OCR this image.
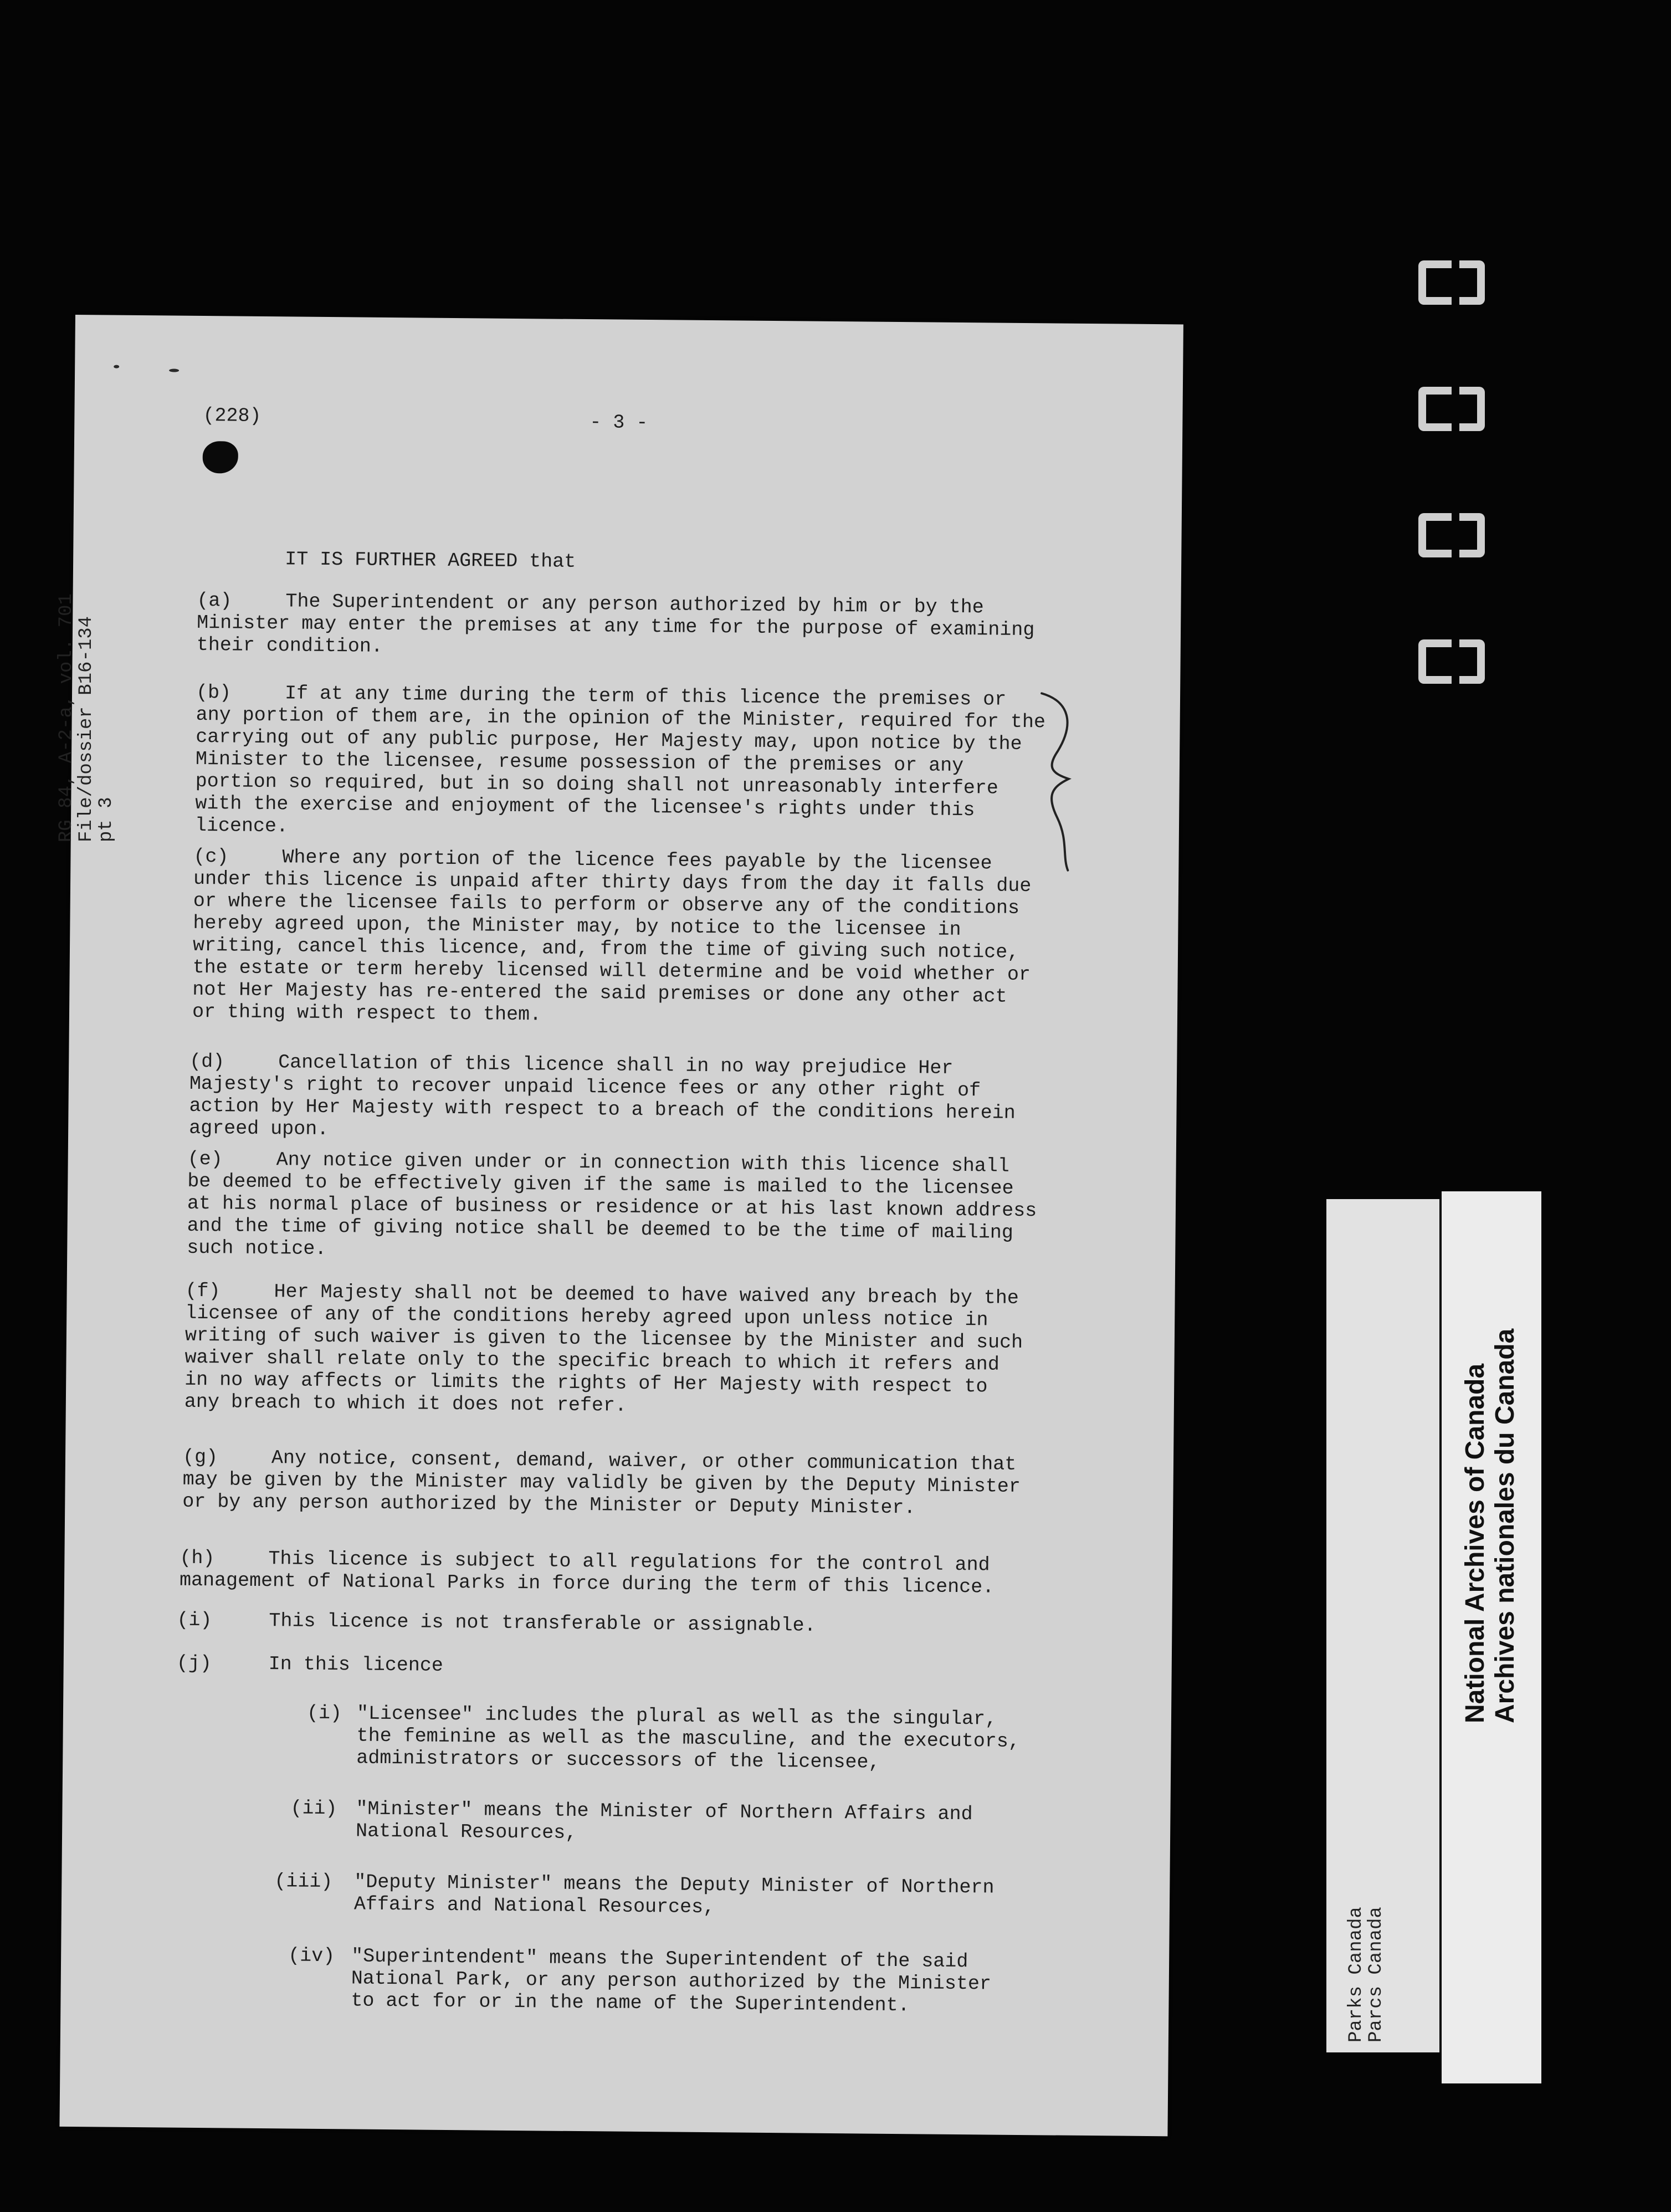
(228)	- 3 -
IT IS FURTHER AGREED that
(a)	The Superintendent or any person authorized by him or by the Minister may enter the premises at any time for the purpose of examining their condition.
(b)	If at any time during the term of this licence the premises or any portion of them are, in the opinion of the Minister, required for the carrying out of any public purpose, Her Majesty may, upon notice by the Minister to the licensee, resume possession of the premises or any portion so required, but in so doing shall not unreasonably interfere with the exercise and enjoyment of the licensee's rights under this licence.
(c)	Where any portion of the licence fees payable by the licensee under this licence is unpaid after thirty days from the day it falls due or where the licensee fails to perform or observe any of the conditions hereby agreed upon, the Minister may, by notice to the licensee in writing, cancel this licence, and, from the time of giving such notice, the estate or term hereby licensed will determine and be void whether or not Her Majesty has re-entered the said premises or done any other act or thing with respect to them.
(d)	Cancellation of this licence shall in no way prejudice Her Majesty's right to recover unpaid licence fees or any other right of action by Her Majesty with respect to a breach of the conditions herein agreed upon.
(e)	Any notice given under or in connection with this licence shall be deemed to be effectively given if the same is mailed to the licensee at his normal place of business or residence or at his last known address and the time of giving notice shall be deemed to be the time of mailing such notice.
(f)	Her Majesty shall not be deemed to have waived any breach by the licensee of any of the conditions hereby agreed upon unless notice in writing of such waiver is given to the licensee by the Minister and such waiver shall relate only to the specific breach to which it refers and in no way affects or limits the rights of Her Majesty with respect to any breach to which it does not refer.
(g)	Any notice, consent, demand, waiver, or other communication that may be given by the Minister may validly be given by the Deputy Minister or by any person authorized by the Minister or Deputy Minister.
(h)	This licence is subject to all regulations for the control and management of National Parks in force during the term of this licence.
(i)	This licence is not transferable or assignable.
(j)	In this licence
(i) "Licensee" includes the plural as well as the singular, the feminine as well as the masculine, and the executors, administrators or successors of the licensee,
(ii) "Minister" means the Minister of Northern Affairs and National Resources,
(iii) "Deputy Minister" means the Deputy Minister of Northern Affairs and National Resources,
(iv) "Superintendent" means the Superintendent of the said National Park, or any person authorized by the Minister to act for or in the name of the Superintendent.
RG 84, A-2-a, vol. 701
File/dossier B16-134
pt 3
Parks Canada
Parcs Canada
National Archives of Canada Archives nationales du Canada
